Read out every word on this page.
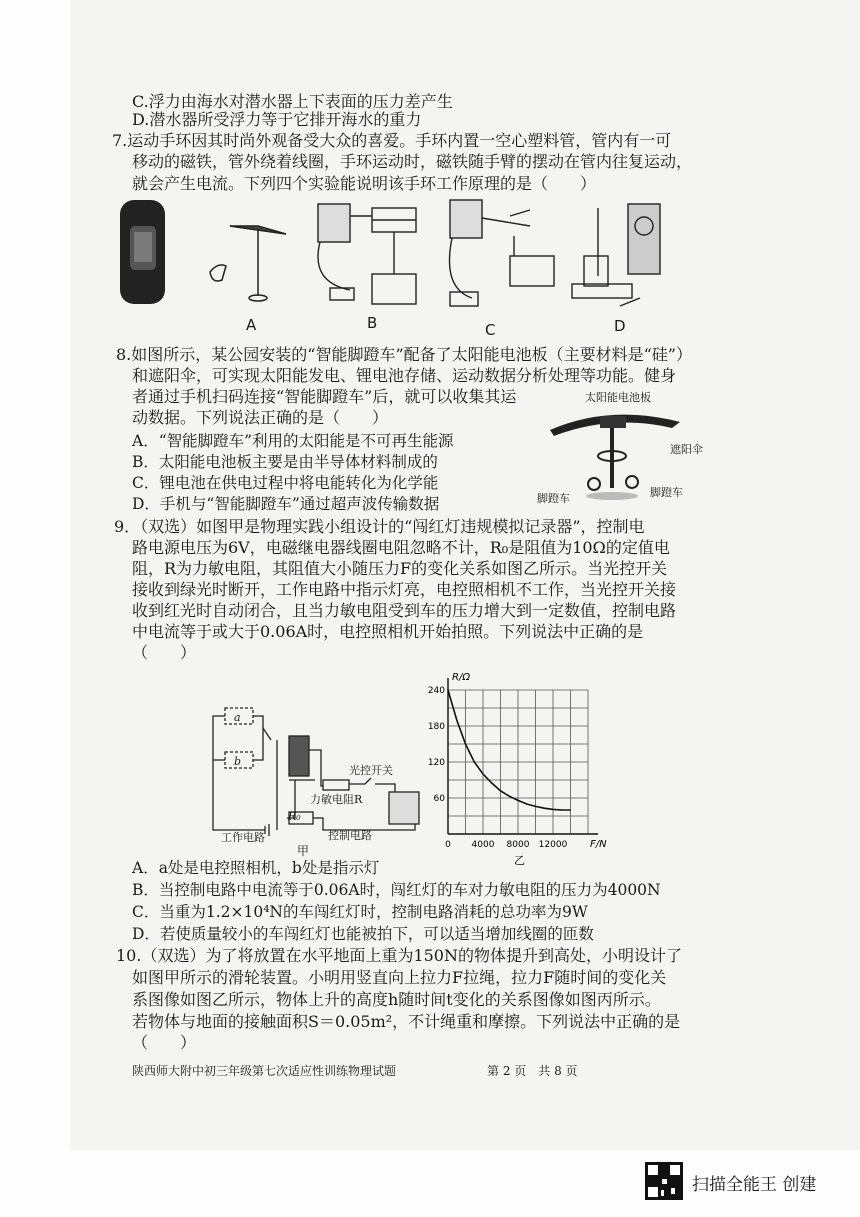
C.浮力由海水对潜水器上下表面的压力差产生
D.潜水器所受浮力等于它排开海水的重力
7.运动手环因其时尚外观备受大众的喜爱。手环内置一空心塑料管，管内有一可
移动的磁铁，管外绕着线圈，手环运动时，磁铁随手臂的摆动在管内往复运动，
就会产生电流。下列四个实验能说明该手环工作原理的是（　　）
A	B	C	D
8.如图所示，某公园安装的“智能脚蹬车”配备了太阳能电池板（主要材料是“硅”）
和遮阳伞，可实现太阳能发电、锂电池存储、运动数据分析处理等功能。健身
者通过手机扫码连接“智能脚蹬车”后，就可以收集其运
动数据。下列说法正确的是（　　）
A．“智能脚蹬车”利用的太阳能是不可再生能源
B．太阳能电池板主要是由半导体材料制成的
C．锂电池在供电过程中将电能转化为化学能
D．手机与“智能脚蹬车”通过超声波传输数据
太阳能电池板
遮阳伞
脚蹬车	脚蹬车
9．（双选）如图甲是物理实践小组设计的“闯红灯违规模拟记录器”，控制电
路电源电压为6V，电磁继电器线圈电阻忽略不计，R₀是阻值为10Ω的定值电
阻，R为力敏电阻，其阻值大小随压力F的变化关系如图乙所示。当光控开关
接收到绿光时断开，工作电路中指示灯亮，电控照相机不工作，当光控开关接
收到红光时自动闭合，且当力敏电阻受到车的压力增大到一定数值，控制电路
中电流等于或大于0.06A时，电控照相机开始拍照。下列说法中正确的是
（　　）
a
b
光控开关
力敏电阻R
R₀
工作电路	控制电路
甲	0 4000 8000 12000
60
120
180
240
R/Ω
F/N
乙
A．a处是电控照相机，b处是指示灯
B．当控制电路中电流等于0.06A时，闯红灯的车对力敏电阻的压力为4000N
C．当重为1.2×10⁴N的车闯红灯时，控制电路消耗的总功率为9W
D．若使质量较小的车闯红灯也能被拍下，可以适当增加线圈的匝数
10.（双选）为了将放置在水平地面上重为150N的物体提升到高处，小明设计了
如图甲所示的滑轮装置。小明用竖直向上拉力F拉绳，拉力F随时间的变化关
系图像如图乙所示，物体上升的高度h随时间t变化的关系图像如图丙所示。
若物体与地面的接触面积S＝0.05m²，不计绳重和摩擦。下列说法中正确的是
（　　）
陕西师大附中初三年级第七次适应性训练物理试题	第 2 页　共 8 页
扫描全能王 创建
